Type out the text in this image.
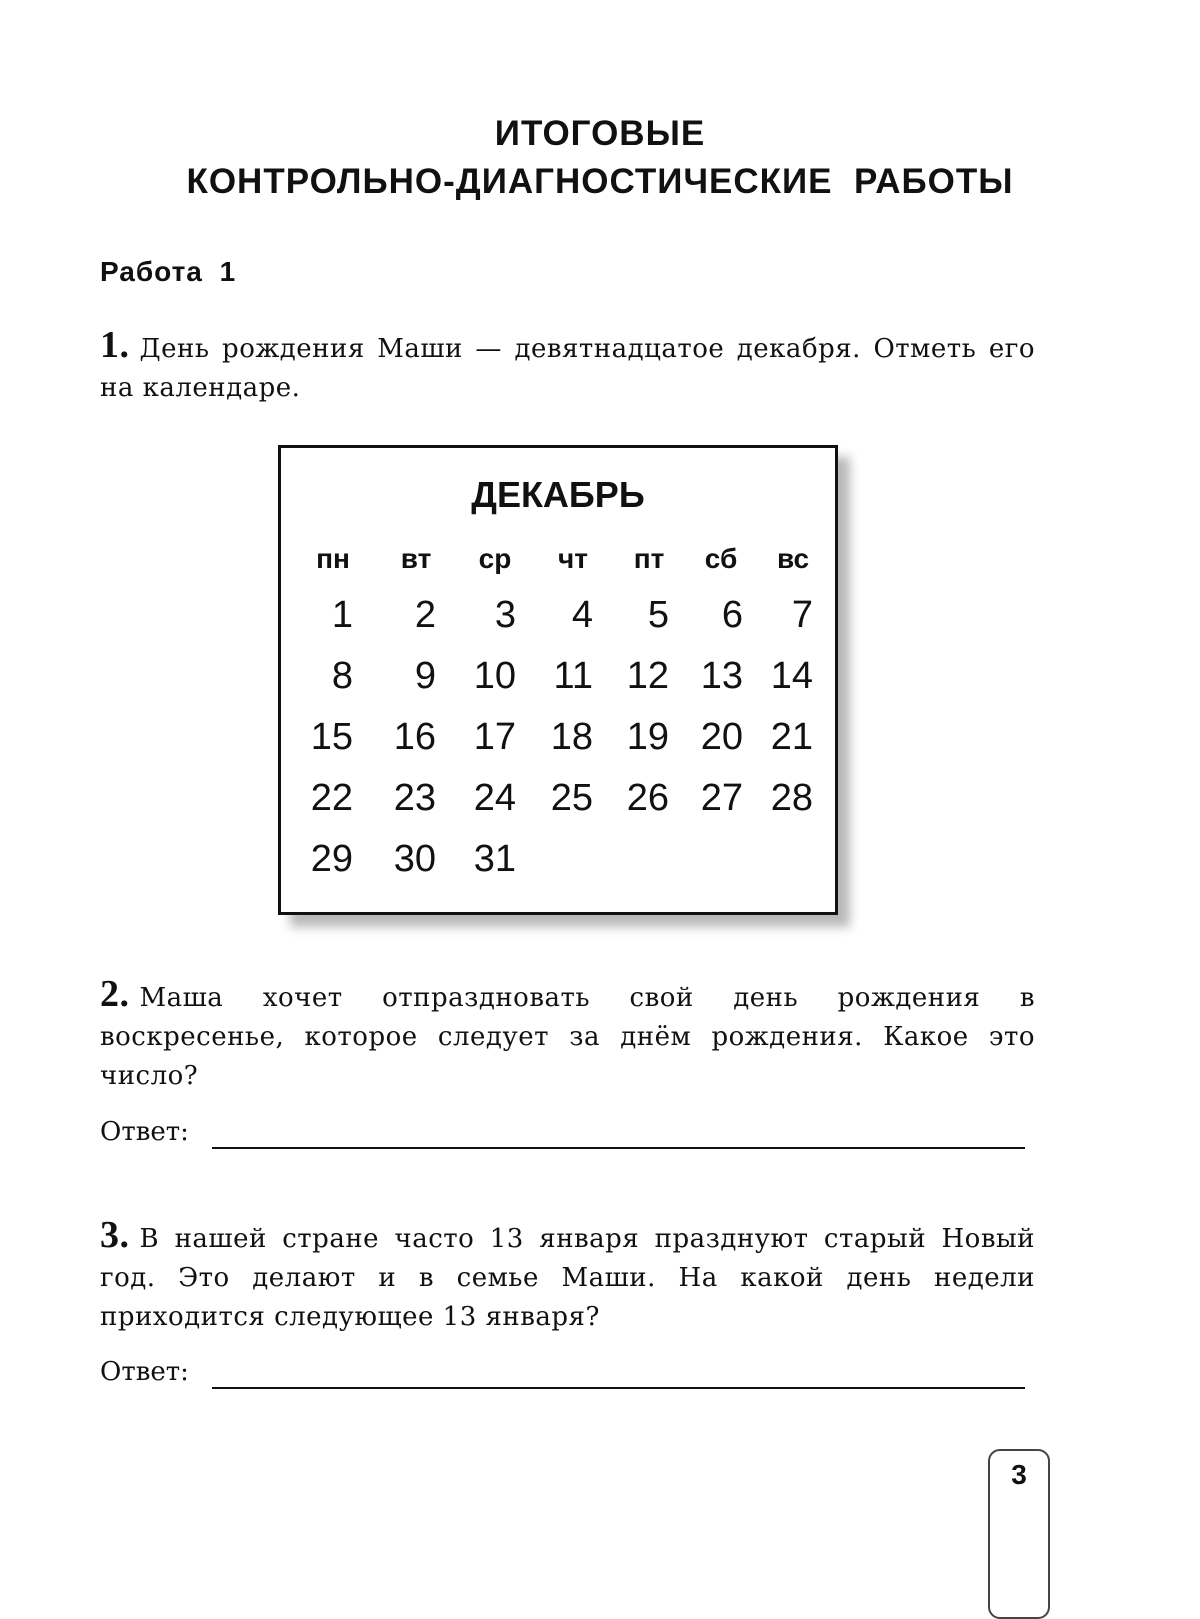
ИТОГОВЫЕ
КОНТРОЛЬНО-ДИАГНОСТИЧЕСКИЕ  РАБОТЫ
Работа 1
1. День рождения Маши — девятнадцатое декабря. Отметь его на календаре.
ДЕКАБРЬ
пн	вт	ср	чт	пт	сб	вс
1	2	3	4	5	6	7
8	9 10 11 12 13 14
15	16 17 18 19 20 21
22	23 24 25 26 27 28
29	30 31
2. Маша хочет отпраздновать свой день рождения в воскресенье, которое следует за днём рождения. Какое это число?
Ответ:
3. В нашей стране часто 13 января празднуют старый Новый год. Это делают и в семье Маши. На какой день недели приходится следующее 13 января?
Ответ:
3
